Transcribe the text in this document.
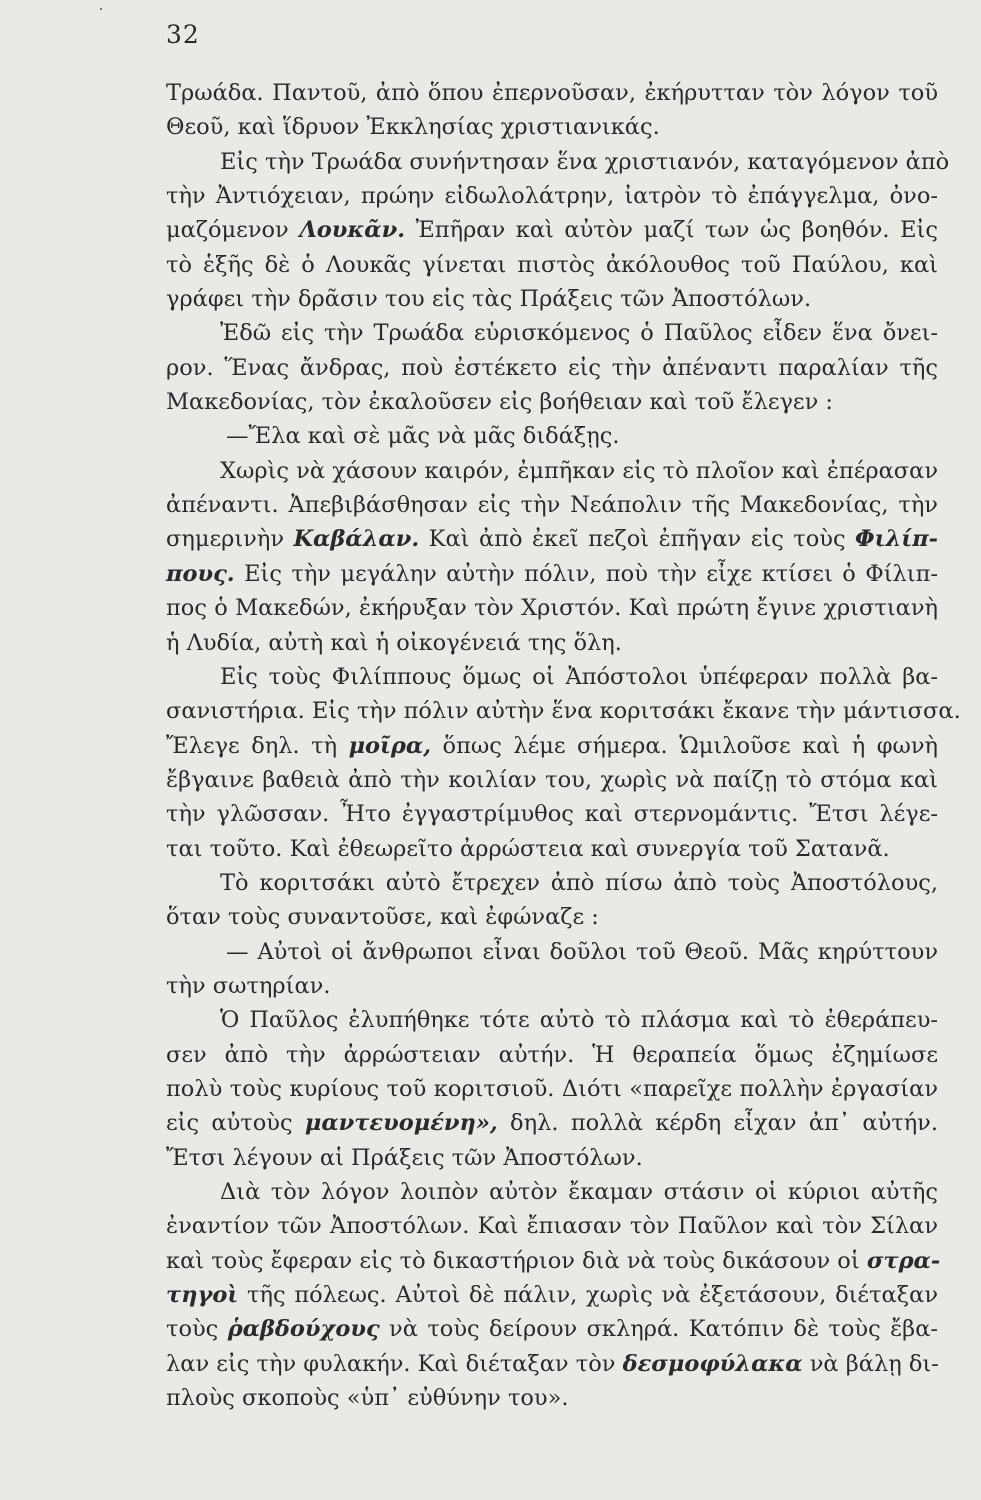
32
Τρωάδα. Παντοῦ, ἀπὸ ὅπου ἐπερνοῦσαν, ἐκήρυτταν τὸν λόγον τοῦ
Θεοῦ, καὶ ἵδρυον Ἐκκλησίας χριστιανικάς.
Εἰς τὴν Τρωάδα συνήντησαν ἕνα χριστιανόν, καταγόμενον ἀπὸ
τὴν Ἀντιόχειαν, πρώην εἰδωλολάτρην, ἰατρὸν τὸ ἐπάγγελμα, ὀνο-
μαζόμενον Λουκᾶν. Ἐπῆραν καὶ αὐτὸν μαζί των ὡς βοηθόν. Εἰς
τὸ ἑξῆς δὲ ὁ Λουκᾶς γίνεται πιστὸς ἀκόλουθος τοῦ Παύλου, καὶ
γράφει τὴν δρᾶσιν του εἰς τὰς Πράξεις τῶν Ἀποστόλων.
Ἐδῶ εἰς τὴν Τρωάδα εὑρισκόμενος ὁ Παῦλος εἶδεν ἕνα ὄνει-
ρον. Ἕνας ἄνδρας, ποὺ ἐστέκετο εἰς τὴν ἀπέναντι παραλίαν τῆς
Μακεδονίας, τὸν ἐκαλοῦσεν εἰς βοήθειαν καὶ τοῦ ἔλεγεν :
—Ἔλα καὶ σὲ μᾶς νὰ μᾶς διδάξῃς.
Χωρὶς νὰ χάσουν καιρόν, ἐμπῆκαν εἰς τὸ πλοῖον καὶ ἐπέρασαν
ἀπέναντι. Ἀπεβιβάσθησαν εἰς τὴν Νεάπολιν τῆς Μακεδονίας, τὴν
σημερινὴν Καβάλαν. Καὶ ἀπὸ ἐκεῖ πεζοὶ ἐπῆγαν εἰς τοὺς Φιλίπ-
πους. Εἰς τὴν μεγάλην αὐτὴν πόλιν, ποὺ τὴν εἶχε κτίσει ὁ Φίλιπ-
πος ὁ Μακεδών, ἐκήρυξαν τὸν Χριστόν. Καὶ πρώτη ἔγινε χριστιανὴ
ἡ Λυδία, αὐτὴ καὶ ἡ οἰκογένειά της ὅλη.
Εἰς τοὺς Φιλίππους ὅμως οἱ Ἀπόστολοι ὑπέφεραν πολλὰ βα-
σανιστήρια. Εἰς τὴν πόλιν αὐτὴν ἕνα κοριτσάκι ἔκανε τὴν μάντισσα.
Ἔλεγε δηλ. τὴ μοῖρα, ὅπως λέμε σήμερα. Ὡμιλοῦσε καὶ ἡ φωνὴ
ἔβγαινε βαθειὰ ἀπὸ τὴν κοιλίαν του, χωρὶς νὰ παίζῃ τὸ στόμα καὶ
τὴν γλῶσσαν. Ἦτο ἐγγαστρίμυθος καὶ στερνομάντις. Ἔτσι λέγε-
ται τοῦτο. Καὶ ἐθεωρεῖτο ἀρρώστεια καὶ συνεργία τοῦ Σατανᾶ.
Τὸ κοριτσάκι αὐτὸ ἔτρεχεν ἀπὸ πίσω ἀπὸ τοὺς Ἀποστόλους,
ὅταν τοὺς συναντοῦσε, καὶ ἐφώναζε :
— Αὐτοὶ οἱ ἄνθρωποι εἶναι δοῦλοι τοῦ Θεοῦ. Μᾶς κηρύττουν
τὴν σωτηρίαν.
Ὁ Παῦλος ἐλυπήθηκε τότε αὐτὸ τὸ πλάσμα καὶ τὸ ἐθεράπευ-
σεν ἀπὸ τὴν ἀρρώστειαν αὐτήν. Ἡ θεραπεία ὅμως ἐζημίωσε
πολὺ τοὺς κυρίους τοῦ κοριτσιοῦ. Διότι «παρεῖχε πολλὴν ἐργασίαν
εἰς αὐτοὺς μαντευομένη», δηλ. πολλὰ κέρδη εἶχαν ἀπ᾿ αὐτήν.
Ἔτσι λέγουν αἱ Πράξεις τῶν Ἀποστόλων.
Διὰ τὸν λόγον λοιπὸν αὐτὸν ἔκαμαν στάσιν οἱ κύριοι αὐτῆς
ἐναντίον τῶν Ἀποστόλων. Καὶ ἔπιασαν τὸν Παῦλον καὶ τὸν Σίλαν
καὶ τοὺς ἔφεραν εἰς τὸ δικαστήριον διὰ νὰ τοὺς δικάσουν οἱ στρα-
τηγοὶ τῆς πόλεως. Αὐτοὶ δὲ πάλιν, χωρὶς νὰ ἐξετάσουν, διέταξαν
τοὺς ῥαβδούχους νὰ τοὺς δείρουν σκληρά. Κατόπιν δὲ τοὺς ἔβα-
λαν εἰς τὴν φυλακήν. Καὶ διέταξαν τὸν δεσμοφύλακα νὰ βάλῃ δι-
πλοὺς σκοποὺς «ὑπ᾿ εὐθύνην του».
